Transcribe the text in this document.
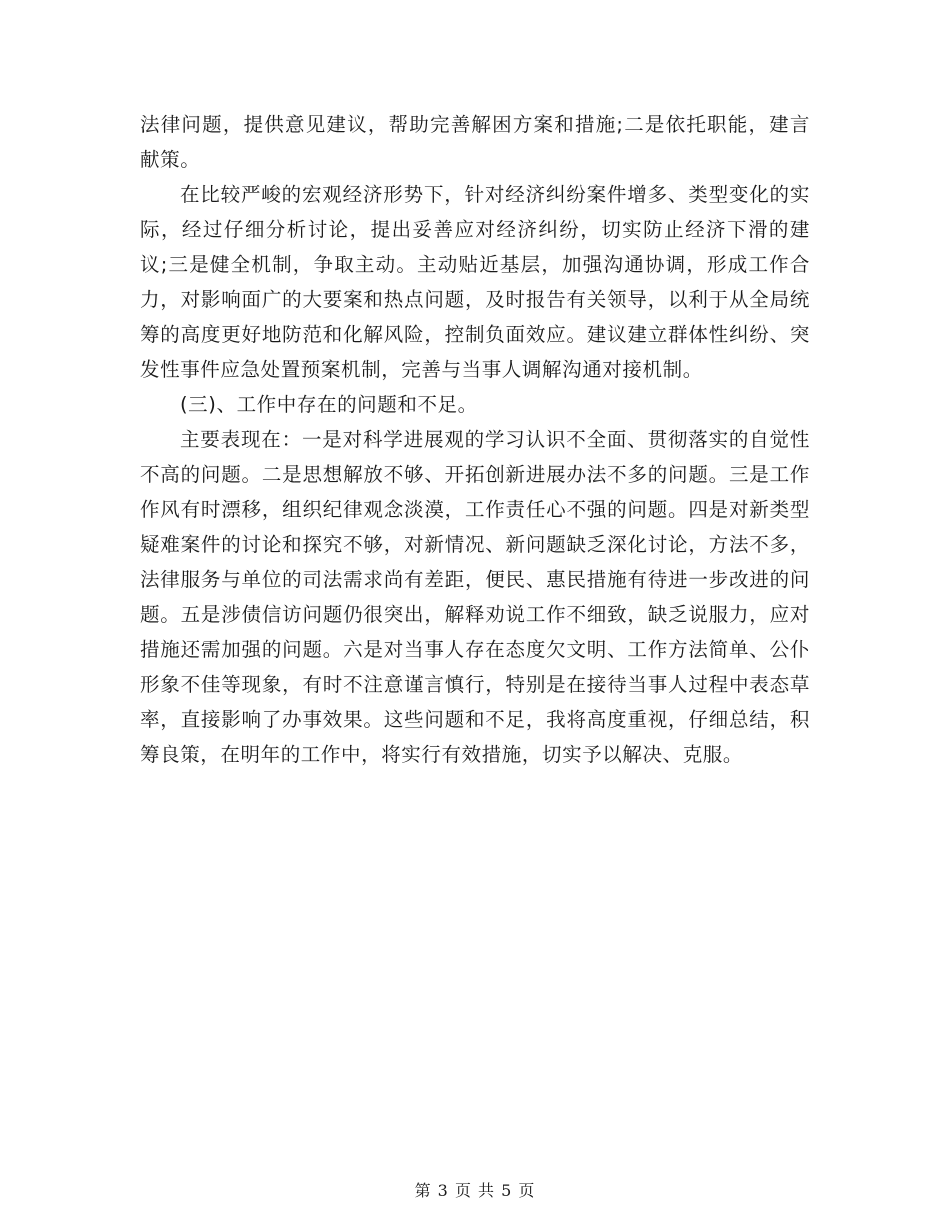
法律问题，提供意见建议，帮助完善解困方案和措施;二是依托职能，建言献策。

在比较严峻的宏观经济形势下，针对经济纠纷案件增多、类型变化的实际，经过仔细分析讨论，提出妥善应对经济纠纷，切实防止经济下滑的建议;三是健全机制，争取主动。主动贴近基层，加强沟通协调，形成工作合力，对影响面广的大要案和热点问题，及时报告有关领导，以利于从全局统筹的高度更好地防范和化解风险，控制负面效应。建议建立群体性纠纷、突发性事件应急处置预案机制，完善与当事人调解沟通对接机制。

(三)、工作中存在的问题和不足。

主要表现在：一是对科学进展观的学习认识不全面、贯彻落实的自觉性不高的问题。二是思想解放不够、开拓创新进展办法不多的问题。三是工作作风有时漂移，组织纪律观念淡漠，工作责任心不强的问题。四是对新类型疑难案件的讨论和探究不够，对新情况、新问题缺乏深化讨论，方法不多，法律服务与单位的司法需求尚有差距，便民、惠民措施有待进一步改进的问题。五是涉债信访问题仍很突出，解释劝说工作不细致，缺乏说服力，应对措施还需加强的问题。六是对当事人存在态度欠文明、工作方法简单、公仆形象不佳等现象，有时不注意谨言慎行，特别是在接待当事人过程中表态草率，直接影响了办事效果。这些问题和不足，我将高度重视，仔细总结，积筹良策，在明年的工作中，将实行有效措施，切实予以解决、克服。

第 3 页 共 5 页
